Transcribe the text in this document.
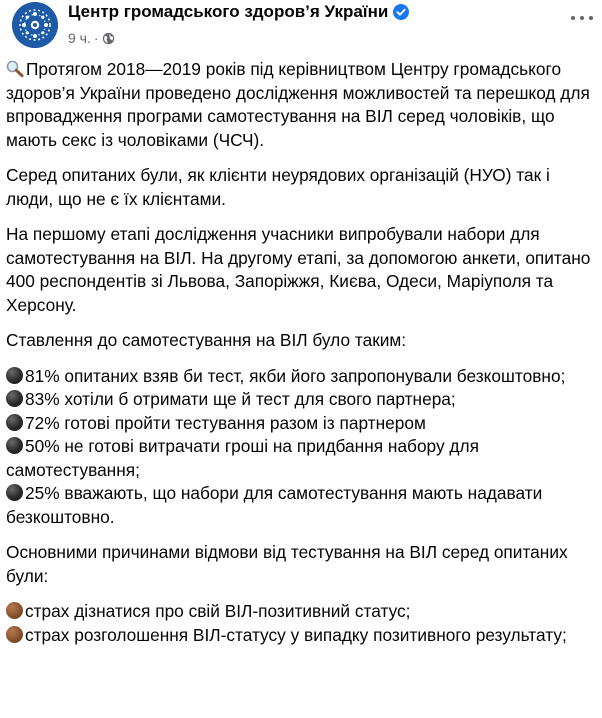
Центр громадського здоров’я України
9 ч. ·

Протягом 2018—2019 років під керівництвом Центру громадського здоров’я України проведено дослідження можливостей та перешкод для впровадження програми самотестування на ВІЛ серед чоловіків, що мають секс із чоловіками (ЧСЧ).

Серед опитаних були, як клієнти неурядових організацій (НУО) так і люди, що не є їх клієнтами.

На першому етапі дослідження учасники випробували набори для самотестування на ВІЛ. На другому етапі, за допомогою анкети, опитано 400 респондентів зі Львова, Запоріжжя, Києва, Одеси, Маріуполя та Херсону.

Ставлення до самотестування на ВІЛ було таким:

81% опитаних взяв би тест, якби його запропонували безкоштовно;

83% хотіли б отримати ще й тест для свого партнера;

72% готові пройти тестування разом із партнером

50% не готові витрачати гроші на придбання набору для самотестування;

25% вважають, що набори для самотестування мають надавати безкоштовно.

Основними причинами відмови від тестування на ВІЛ серед опитаних були:

страх дізнатися про свій ВІЛ-позитивний статус;

страх розголошення ВІЛ-статусу у випадку позитивного результату;
